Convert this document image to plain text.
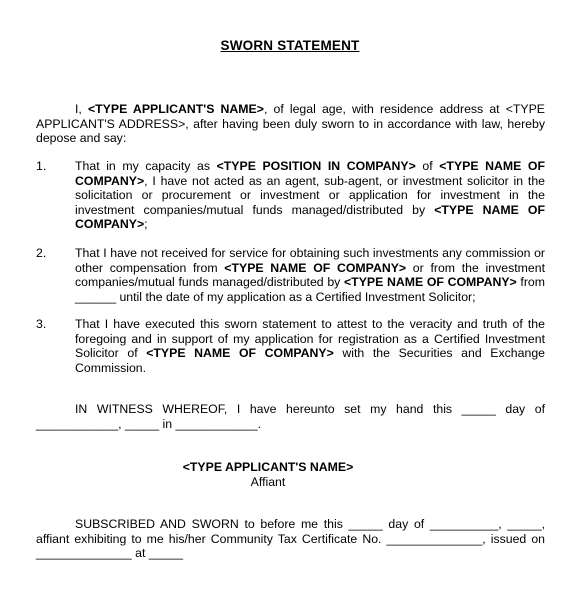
SWORN STATEMENT
I, <TYPE APPLICANT'S NAME>, of legal age, with residence address at <TYPE APPLICANT'S ADDRESS>, after having been duly sworn to in accordance with law, hereby depose and say:
1. That in my capacity as <TYPE POSITION IN COMPANY> of <TYPE NAME OF COMPANY>, I have not acted as an agent, sub-agent, or investment solicitor in the solicitation or procurement or investment or application for investment in the investment companies/mutual funds managed/distributed by <TYPE NAME OF COMPANY>;
2. That I have not received for service for obtaining such investments any commission or other compensation from <TYPE NAME OF COMPANY> or from the investment companies/mutual funds managed/distributed by <TYPE NAME OF COMPANY> from ______ until the date of my application as a Certified Investment Solicitor;
3. That I have executed this sworn statement to attest to the veracity and truth of the foregoing and in support of my application for registration as a Certified Investment Solicitor of <TYPE NAME OF COMPANY> with the Securities and Exchange Commission.
IN WITNESS WHEREOF, I have hereunto set my hand this _____ day of ____________, _____ in ____________.
<TYPE APPLICANT'S NAME>
Affiant
SUBSCRIBED AND SWORN to before me this _____ day of __________, _____, affiant exhibiting to me his/her Community Tax Certificate No. ______________, issued on ______________ at _____
